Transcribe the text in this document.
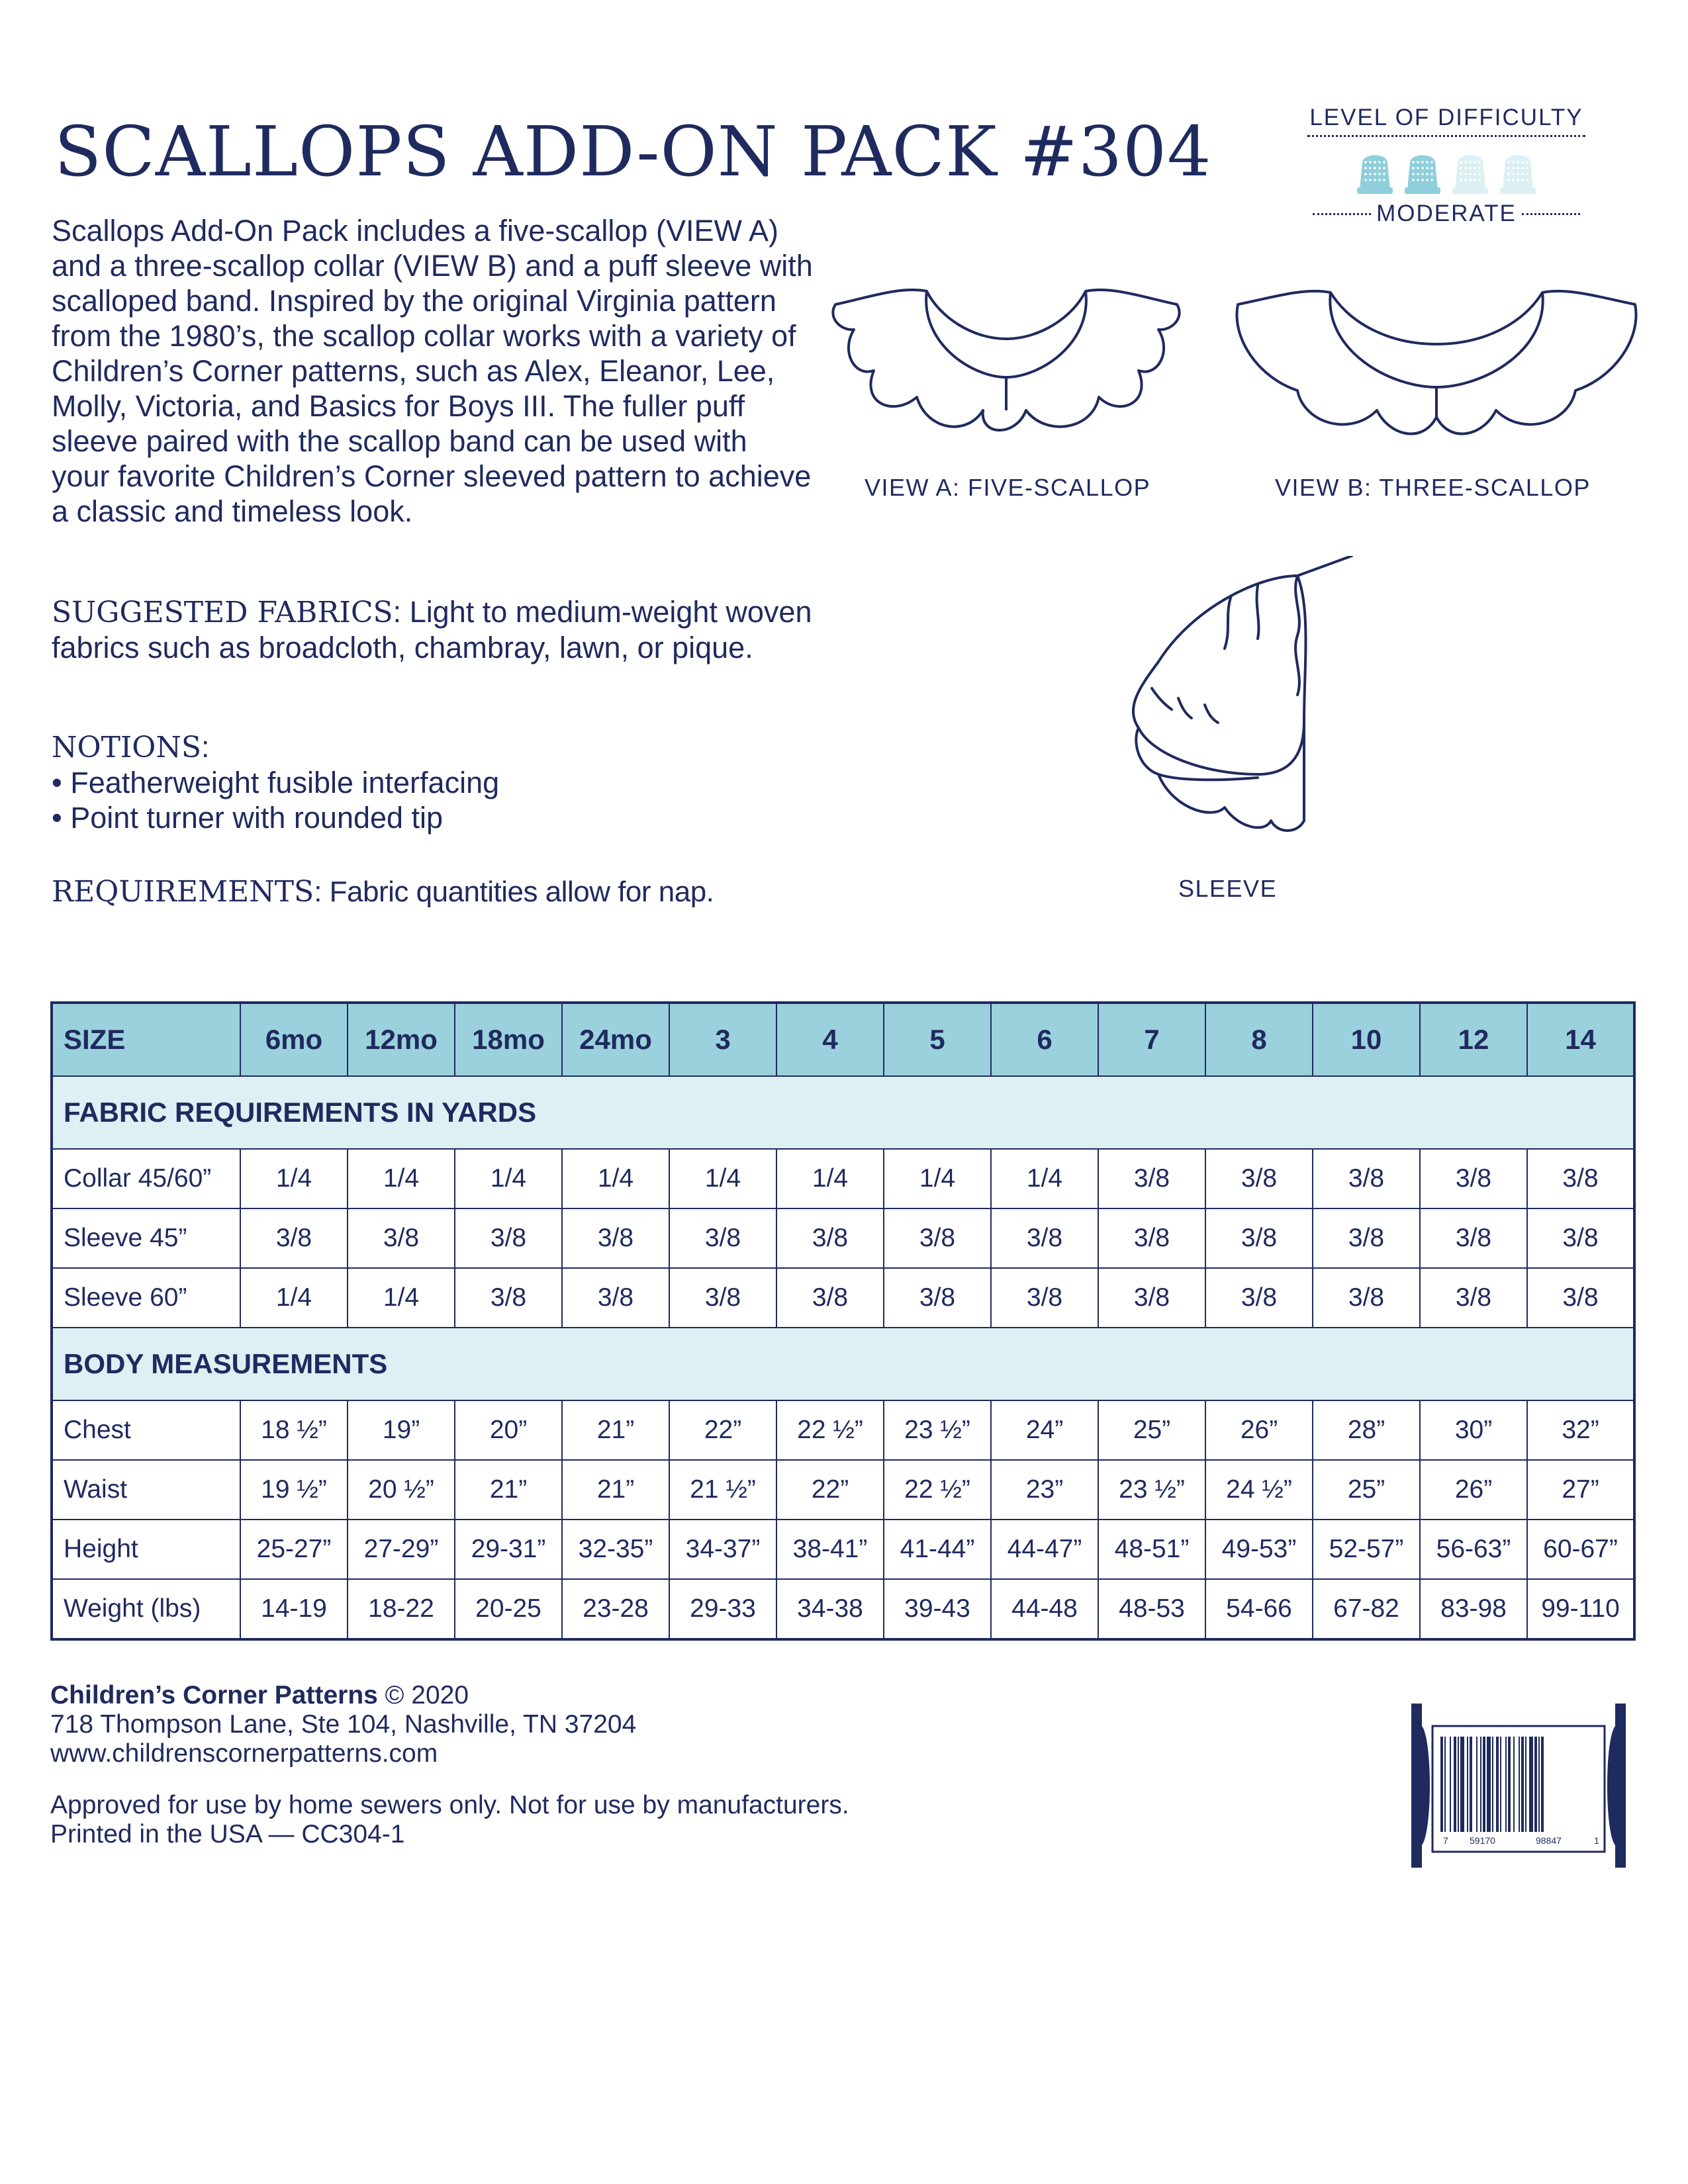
SCALLOPS ADD-ON PACK #304
Scallops Add-On Pack includes a five-scallop (VIEW A) and a three-scallop collar (VIEW B) and a puff sleeve with scalloped band. Inspired by the original Virginia pattern from the 1980’s, the scallop collar works with a variety of Children’s Corner patterns, such as Alex, Eleanor, Lee, Molly, Victoria, and Basics for Boys III. The fuller puff sleeve paired with the scallop band can be used with your favorite Children’s Corner sleeved pattern to achieve a classic and timeless look.
SUGGESTED FABRICS: Light to medium-weight woven fabrics such as broadcloth, chambray, lawn, or pique.
NOTIONS:
• Featherweight fusible interfacing
• Point turner with rounded tip
REQUIREMENTS: Fabric quantities allow for nap.
LEVEL OF DIFFICULTY
MODERATE
VIEW A: FIVE-SCALLOP	VIEW B: THREE-SCALLOP
SLEEVE
SIZE	6mo	12mo	18mo	24mo	3	4	5	6	7	8	10	12	14
FABRIC REQUIREMENTS IN YARDS													
Collar 45/60”	1/4	1/4	1/4	1/4	1/4	1/4	1/4	1/4	3/8	3/8	3/8	3/8	3/8
Sleeve 45”	3/8	3/8	3/8	3/8	3/8	3/8	3/8	3/8	3/8	3/8	3/8	3/8	3/8
Sleeve 60”	1/4	1/4	3/8	3/8	3/8	3/8	3/8	3/8	3/8	3/8	3/8	3/8	3/8
BODY MEASUREMENTS													
Chest	18 ½”	19”	20”	21”	22”	22 ½”	23 ½”	24”	25”	26”	28”	30”	32”
Waist	19 ½”	20 ½”	21”	21”	21 ½”	22”	22 ½”	23”	23 ½”	24 ½”	25”	26”	27”
Height	25-27”	27-29”	29-31”	32-35”	34-37”	38-41”	41-44”	44-47”	48-51”	49-53”	52-57”	56-63”	60-67”
Weight (lbs)	14-19	18-22	20-25	23-28	29-33	34-38	39-43	44-48	48-53	54-66	67-82	83-98	99-110
Children’s Corner Patterns © 2020
718 Thompson Lane, Ste 104, Nashville, TN 37204
www.childrenscornerpatterns.com
Approved for use by home sewers only. Not for use by manufacturers.
Printed in the USA — CC304-1	7 59170	98847	1
